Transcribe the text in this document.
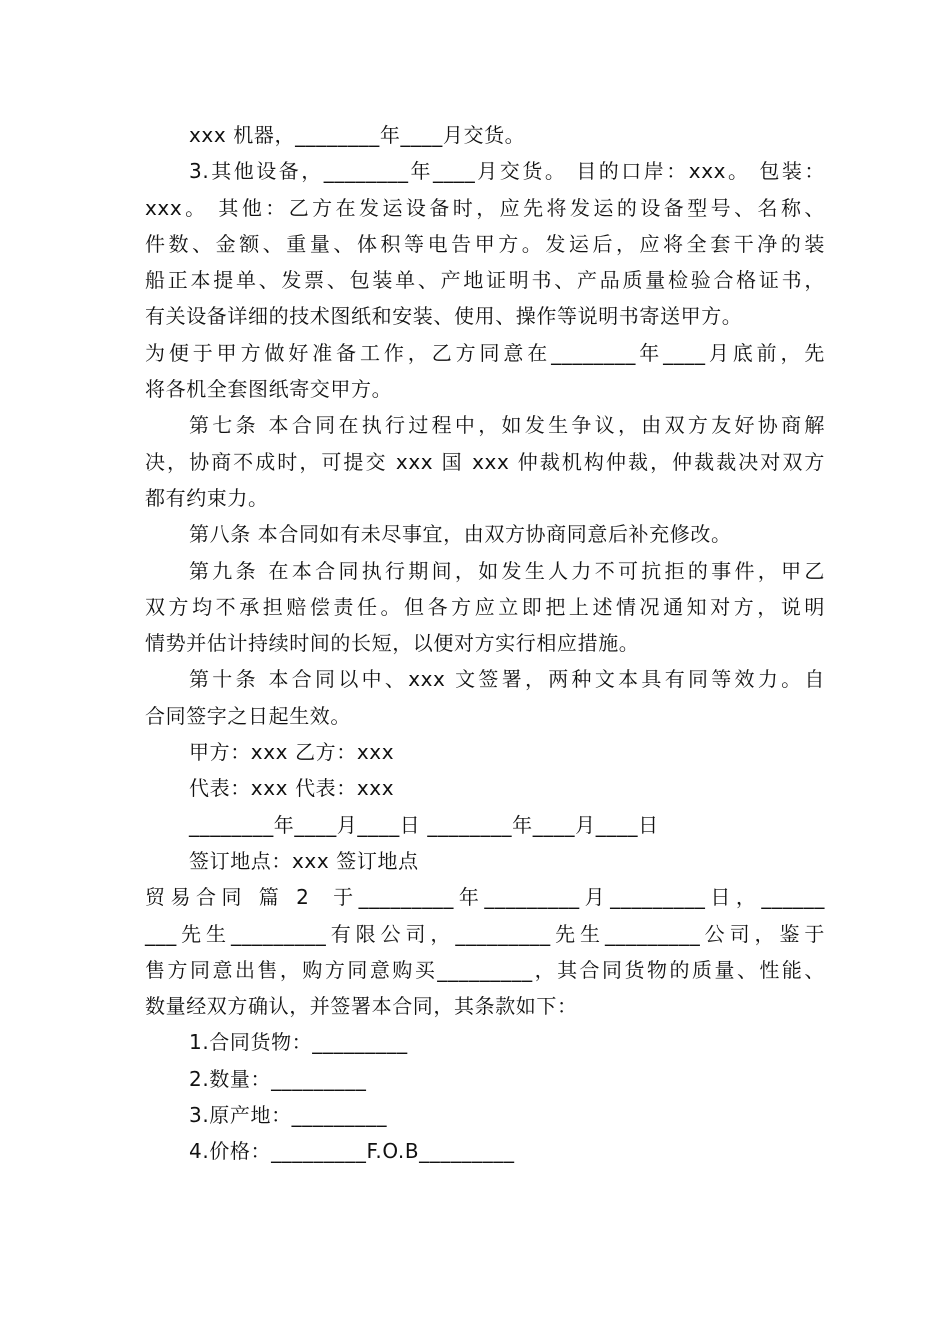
xxx 机器，________年____月交货。
3.其他设备，________年____月交货。 目的口岸：xxx。 包装：
xxx。 其他：乙方在发运设备时，应先将发运的设备型号、名称、
件数、金额、重量、体积等电告甲方。发运后，应将全套干净的装
船正本提单、发票、包装单、产地证明书、产品质量检验合格证书，
有关设备详细的技术图纸和安装、使用、操作等说明书寄送甲方。
为便于甲方做好准备工作，乙方同意在________年____月底前，先
将各机全套图纸寄交甲方。
第七条 本合同在执行过程中，如发生争议，由双方友好协商解
决，协商不成时，可提交 xxx 国 xxx 仲裁机构仲裁，仲裁裁决对双方
都有约束力。
第八条 本合同如有未尽事宜，由双方协商同意后补充修改。
第九条 在本合同执行期间，如发生人力不可抗拒的事件，甲乙
双方均不承担赔偿责任。但各方应立即把上述情况通知对方，说明
情势并估计持续时间的长短，以便对方实行相应措施。
第十条 本合同以中、xxx 文签署，两种文本具有同等效力。自
合同签字之日起生效。
甲方：xxx 乙方：xxx
代表：xxx 代表：xxx
________年____月____日 ________年____月____日
签订地点：xxx 签订地点
贸易合同 篇 2  于_________年_________月_________日，______
___先生_________有限公司，_________先生_________公司，鉴于
售方同意出售，购方同意购买_________，其合同货物的质量、性能、
数量经双方确认，并签署本合同，其条款如下：
1.合同货物：_________
2.数量：_________
3.原产地：_________
4.价格：_________F.O.B_________
